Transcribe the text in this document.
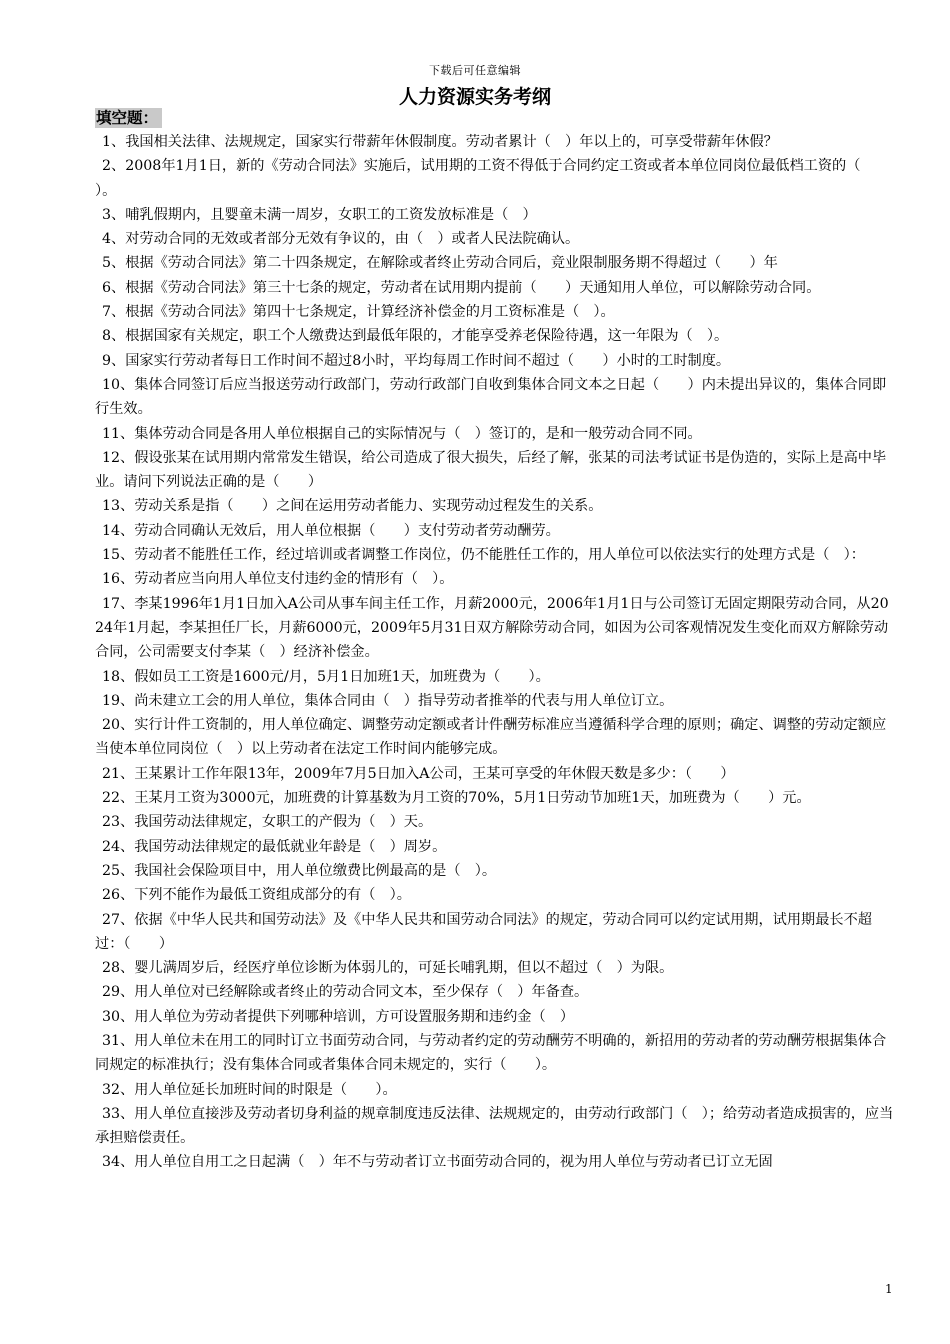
下载后可任意编辑
人力资源实务考纲
填空题：

1、我国相关法律、法规规定，国家实行带薪年休假制度。劳动者累计（　）年以上的，可享受带薪年休假？

2、2008年1月1日，新的《劳动合同法》实施后，试用期的工资不得低于合同约定工资或者本单位同岗位最低档工资的（　　）。

3、哺乳假期内，且婴童未满一周岁，女职工的工资发放标准是（　）

4、对劳动合同的无效或者部分无效有争议的，由（　）或者人民法院确认。

5、根据《劳动合同法》第二十四条规定，在解除或者终止劳动合同后，竞业限制服务期不得超过（　　）年

6、根据《劳动合同法》第三十七条的规定，劳动者在试用期内提前（　　）天通知用人单位，可以解除劳动合同。

7、根据《劳动合同法》第四十七条规定，计算经济补偿金的月工资标准是（　）。

8、根据国家有关规定，职工个人缴费达到最低年限的，才能享受养老保险待遇，这一年限为（　）。

9、国家实行劳动者每日工作时间不超过8小时，平均每周工作时间不超过（　　）小时的工时制度。

10、集体合同签订后应当报送劳动行政部门，劳动行政部门自收到集体合同文本之日起（　　）内未提出异议的，集体合同即行生效。

11、集体劳动合同是各用人单位根据自己的实际情况与（　）签订的，是和一般劳动合同不同。

12、假设张某在试用期内常常发生错误，给公司造成了很大损失，后经了解，张某的司法考试证书是伪造的，实际上是高中毕业。请问下列说法正确的是（　　）

13、劳动关系是指（　　）之间在运用劳动者能力、实现劳动过程发生的关系。

14、劳动合同确认无效后，用人单位根据（　　）支付劳动者劳动酬劳。

15、劳动者不能胜任工作，经过培训或者调整工作岗位，仍不能胜任工作的，用人单位可以依法实行的处理方式是（　）：

16、劳动者应当向用人单位支付违约金的情形有（　）。

17、李某1996年1月1日加入A公司从事车间主任工作，月薪2000元，2006年1月1日与公司签订无固定期限劳动合同，从2024年1月起，李某担任厂长，月薪6000元，2009年5月31日双方解除劳动合同，如因为公司客观情况发生变化而双方解除劳动合同，公司需要支付李某（　）经济补偿金。

18、假如员工工资是1600元/月，5月1日加班1天，加班费为（　　）。

19、尚未建立工会的用人单位，集体合同由（　）指导劳动者推举的代表与用人单位订立。

20、实行计件工资制的，用人单位确定、调整劳动定额或者计件酬劳标准应当遵循科学合理的原则；确定、调整的劳动定额应当使本单位同岗位（　）以上劳动者在法定工作时间内能够完成。

21、王某累计工作年限13年，2009年7月5日加入A公司，王某可享受的年休假天数是多少：（　　）

22、王某月工资为3000元，加班费的计算基数为月工资的70%，5月1日劳动节加班1天，加班费为（　　）元。

23、我国劳动法律规定，女职工的产假为（　）天。

24、我国劳动法律规定的最低就业年龄是（　）周岁。

25、我国社会保险项目中，用人单位缴费比例最高的是（　）。

26、下列不能作为最低工资组成部分的有（　）。

27、依据《中华人民共和国劳动法》及《中华人民共和国劳动合同法》的规定，劳动合同可以约定试用期，试用期最长不超过：（　　）

28、婴儿满周岁后，经医疗单位诊断为体弱儿的，可延长哺乳期，但以不超过（　）为限。

29、用人单位对已经解除或者终止的劳动合同文本，至少保存（　）年备查。

30、用人单位为劳动者提供下列哪种培训，方可设置服务期和违约金（　）

31、用人单位未在用工的同时订立书面劳动合同，与劳动者约定的劳动酬劳不明确的，新招用的劳动者的劳动酬劳根据集体合同规定的标准执行；没有集体合同或者集体合同未规定的，实行（　　）。

32、用人单位延长加班时间的时限是（　　）。

33、用人单位直接涉及劳动者切身利益的规章制度违反法律、法规规定的，由劳动行政部门（　）；给劳动者造成损害的，应当承担赔偿责任。

34、用人单位自用工之日起满（　）年不与劳动者订立书面劳动合同的，视为用人单位与劳动者已订立无固

1
